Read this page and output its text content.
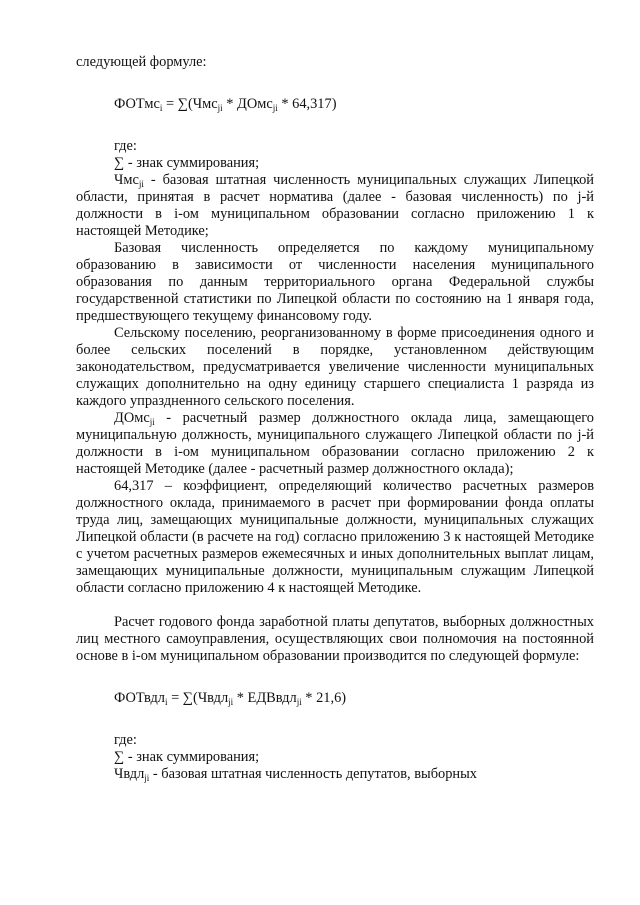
следующей формуле:

ФОТмс$_i$ = ∑(Чмс$_{ji}$ * ДОмс$_{ji}$ * 64,317)

где:

∑ - знак суммирования;

Чмс$_{ji}$ - базовая штатная численность муниципальных служащих Липецкой области, принятая в расчет норматива (далее - базовая численность) по j-й должности в i-ом муниципальном образовании согласно приложению 1 к настоящей Методике;

Базовая численность определяется по каждому муниципальному образованию в зависимости от численности населения муниципального образования по данным территориального органа Федеральной службы государственной статистики по Липецкой области по состоянию на 1 января года, предшествующего текущему финансовому году.

Сельскому поселению, реорганизованному в форме присоединения одного и более сельских поселений в порядке, установленном действующим законодательством, предусматривается увеличение численности муниципальных служащих дополнительно на одну единицу старшего специалиста 1 разряда из каждого упраздненного сельского поселения.

ДОмс$_{ji}$ - расчетный размер должностного оклада лица, замещающего муниципальную должность, муниципального служащего Липецкой области по j-й должности в i-ом муниципальном образовании согласно приложению 2 к настоящей Методике (далее - расчетный размер должностного оклада);

64,317 – коэффициент, определяющий количество расчетных размеров должностного оклада, принимаемого в расчет при формировании фонда оплаты труда лиц, замещающих муниципальные должности, муниципальных служащих Липецкой области (в расчете на год) согласно приложению 3 к настоящей Методике с учетом расчетных размеров ежемесячных и иных дополнительных выплат лицам, замещающих муниципальные должности, муниципальным служащим Липецкой области согласно приложению 4 к настоящей Методике.

Расчет годового фонда заработной платы депутатов, выборных должностных лиц местного самоуправления, осуществляющих свои полномочия на постоянной основе в i-ом муниципальном образовании производится по следующей формуле:

ФОТвдл$_i$ = ∑(Чвдл$_{ji}$ * ЕДВвдл$_{ji}$ * 21,6)

где:

∑ - знак суммирования;

Чвдл$_{ji}$ - базовая штатная численность депутатов, выборных
